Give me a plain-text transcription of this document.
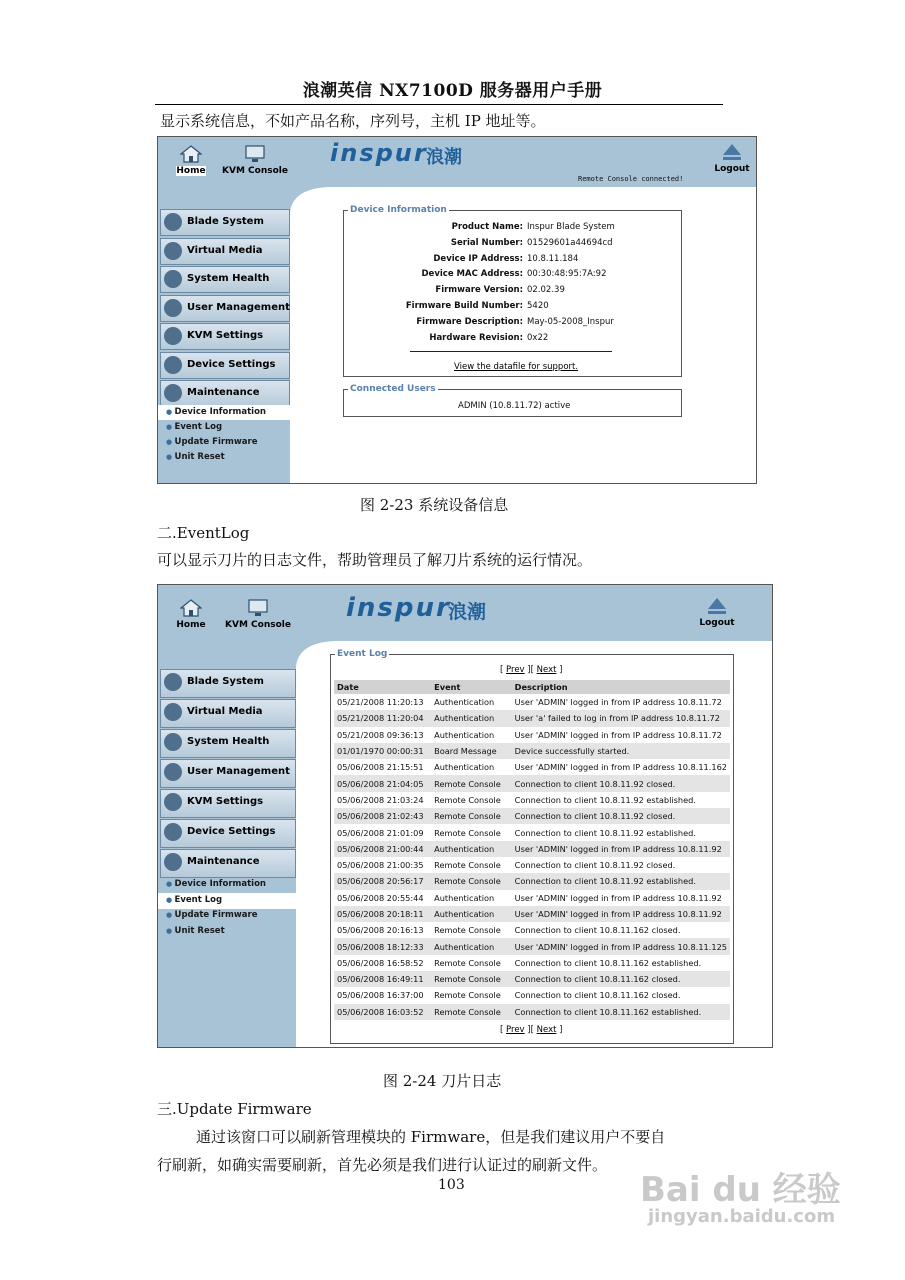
浪潮英信 NX7100D 服务器用户手册
显示系统信息，不如产品名称，序列号，主机 IP 地址等。
Home KVM Console
inspur
浪潮
Logout
Remote Console connected!
Blade System
Virtual Media
System Health
User Management
KVM Settings
Device Settings
Maintenance
● Device Information
● Event Log
● Update Firmware
● Unit Reset
Device Information
Product Name: Inspur Blade System
Serial Number: 01529601a44694cd
Device IP Address: 10.8.11.184
Device MAC Address: 00:30:48:95:7A:92
Firmware Version: 02.02.39
Firmware Build Number: 5420
Firmware Description: May-05-2008_Inspur
Hardware Revision: 0x22
View the datafile for support.
Connected Users
ADMIN (10.8.11.72) active
图 2-23 系统设备信息
二.EventLog
可以显示刀片的日志文件，帮助管理员了解刀片系统的运行情况。
Home KVM Console
inspur
浪潮	Logout
Blade System
Virtual Media
System Health
User Management
KVM Settings
Device Settings
Maintenance
● Device Information
● Event Log
● Update Firmware
● Unit Reset
Event Log
[ Prev ][ Next ]
Date	Event	Description
05/21/2008 11:20:13	Authentication	User 'ADMIN' logged in from IP address 10.8.11.72
05/21/2008 11:20:04	Authentication	User 'a' failed to log in from IP address 10.8.11.72
05/21/2008 09:36:13	Authentication	User 'ADMIN' logged in from IP address 10.8.11.72
01/01/1970 00:00:31	Board Message	Device successfully started.
05/06/2008 21:15:51	Authentication	User 'ADMIN' logged in from IP address 10.8.11.162
05/06/2008 21:04:05	Remote Console	Connection to client 10.8.11.92 closed.
05/06/2008 21:03:24	Remote Console	Connection to client 10.8.11.92 established.
05/06/2008 21:02:43	Remote Console	Connection to client 10.8.11.92 closed.
05/06/2008 21:01:09	Remote Console	Connection to client 10.8.11.92 established.
05/06/2008 21:00:44	Authentication	User 'ADMIN' logged in from IP address 10.8.11.92
05/06/2008 21:00:35	Remote Console	Connection to client 10.8.11.92 closed.
05/06/2008 20:56:17	Remote Console	Connection to client 10.8.11.92 established.
05/06/2008 20:55:44	Authentication	User 'ADMIN' logged in from IP address 10.8.11.92
05/06/2008 20:18:11	Authentication	User 'ADMIN' logged in from IP address 10.8.11.92
05/06/2008 20:16:13	Remote Console	Connection to client 10.8.11.162 closed.
05/06/2008 18:12:33	Authentication	User 'ADMIN' logged in from IP address 10.8.11.125
05/06/2008 16:58:52	Remote Console	Connection to client 10.8.11.162 established.
05/06/2008 16:49:11	Remote Console	Connection to client 10.8.11.162 closed.
05/06/2008 16:37:00	Remote Console	Connection to client 10.8.11.162 closed.
05/06/2008 16:03:52	Remote Console	Connection to client 10.8.11.162 established.
[ Prev ][ Next ]
图 2-24 刀片日志
三.Update Firmware
通过该窗口可以刷新管理模块的 Firmware，但是我们建议用户不要自
行刷新，如确实需要刷新，首先必须是我们进行认证过的刷新文件。
103	Bai du 经验
jingyan.baidu.com
